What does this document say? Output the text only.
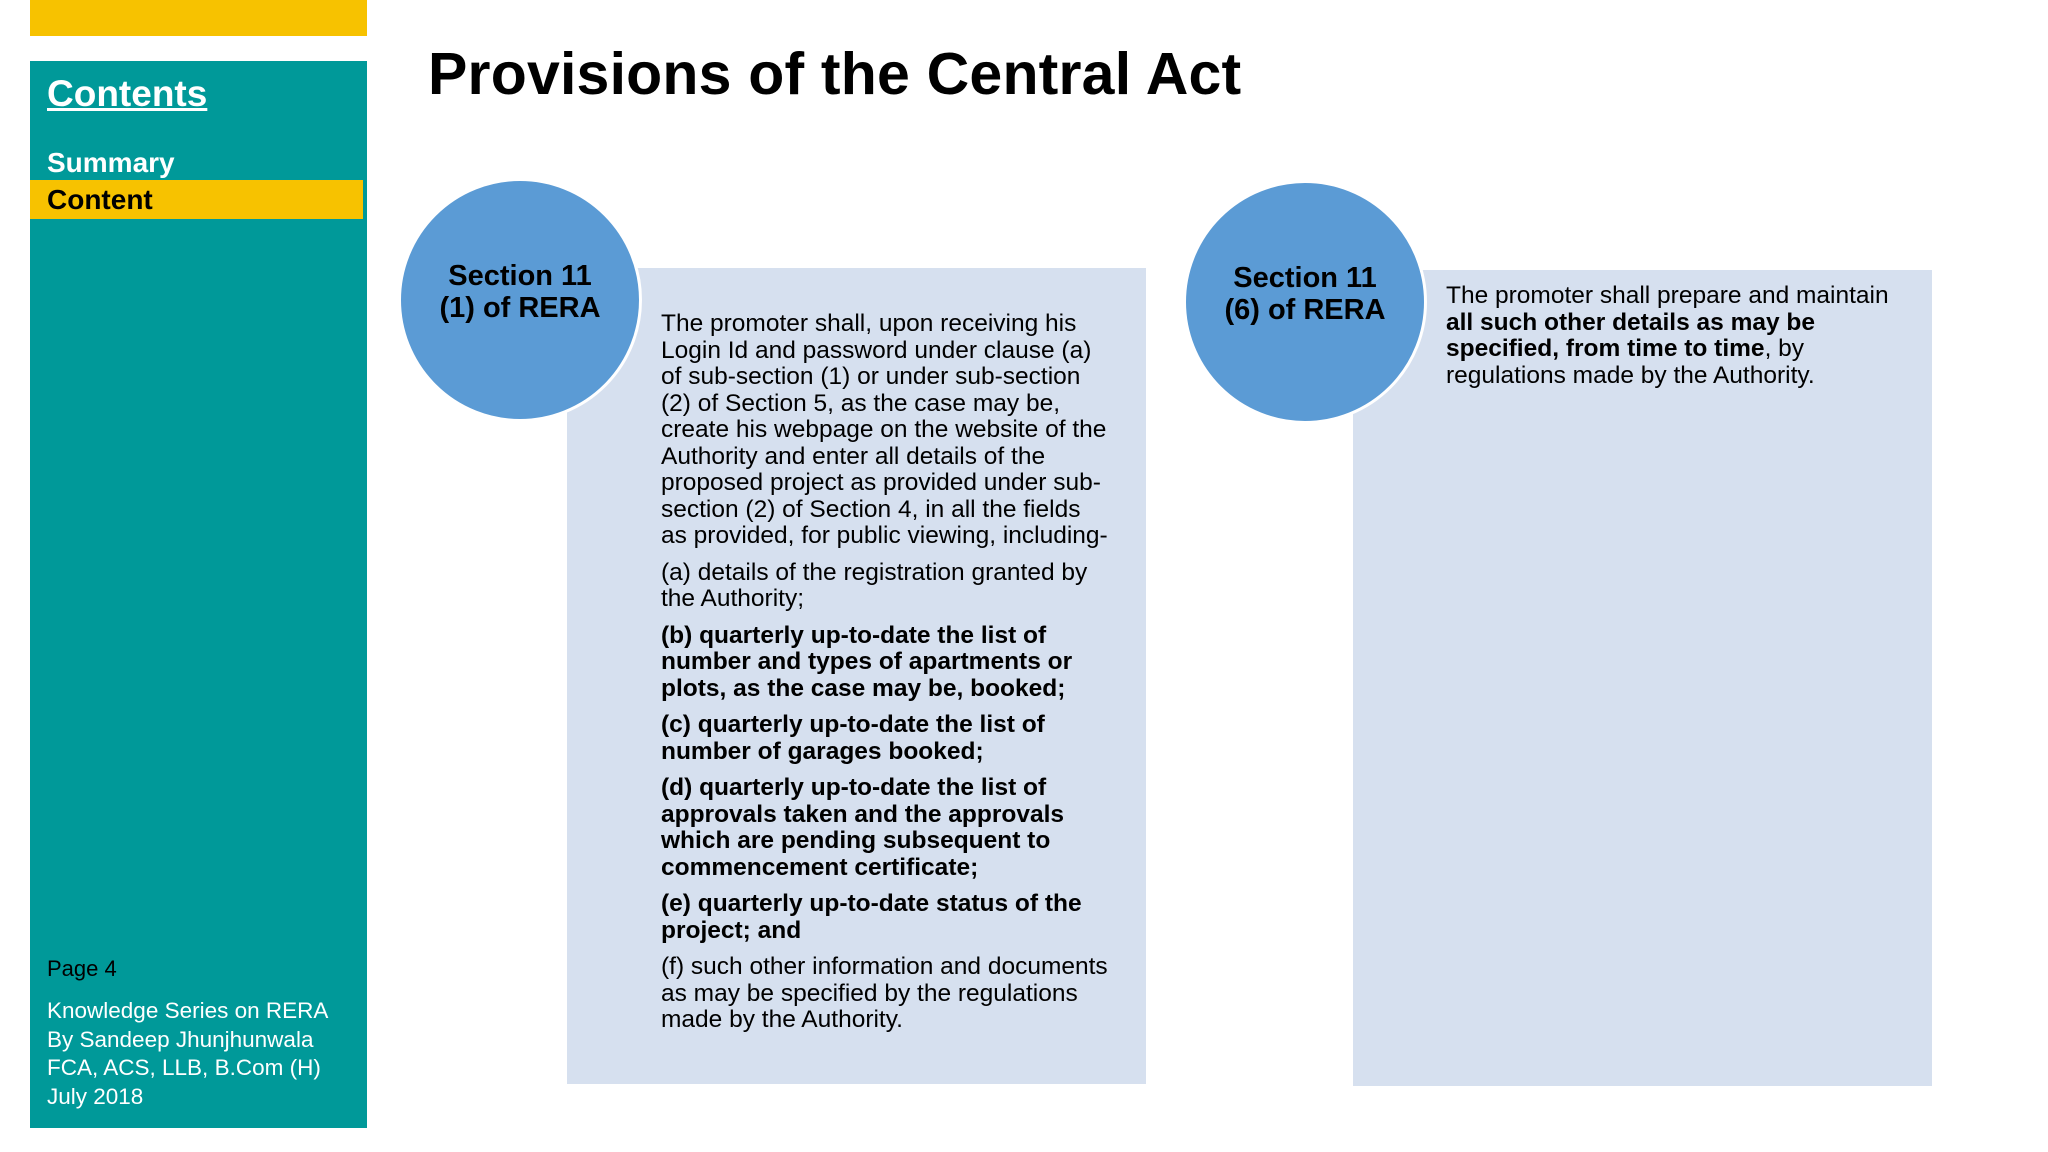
Contents
Summary
Content
Page 4
Knowledge Series on RERA
By Sandeep Jhunjhunwala
FCA, ACS, LLB, B.Com (H)
July 2018
Provisions of the Central Act
Section 11
(1) of RERA The promoter shall, upon receiving his
Login Id and password under clause (a)
of sub-section (1) or under sub-section
(2) of Section 5, as the case may be,
create his webpage on the website of the
Authority and enter all details of the
proposed project as provided under sub-
section (2) of Section 4, in all the fields
as provided, for public viewing, including-

(a) details of the registration granted by
the Authority;

(b) quarterly up-to-date the list of
number and types of apartments or
plots, as the case may be, booked;

(c) quarterly up-to-date the list of
number of garages booked;

(d) quarterly up-to-date the list of
approvals taken and the approvals
which are pending subsequent to
commencement certificate;

(e) quarterly up-to-date status of the
project; and

(f) such other information and documents
as may be specified by the regulations
made by the Authority.

Section 11
(6) of RERA The promoter shall prepare and maintain
all such other details as may be
specified, from time to time, by
regulations made by the Authority.
